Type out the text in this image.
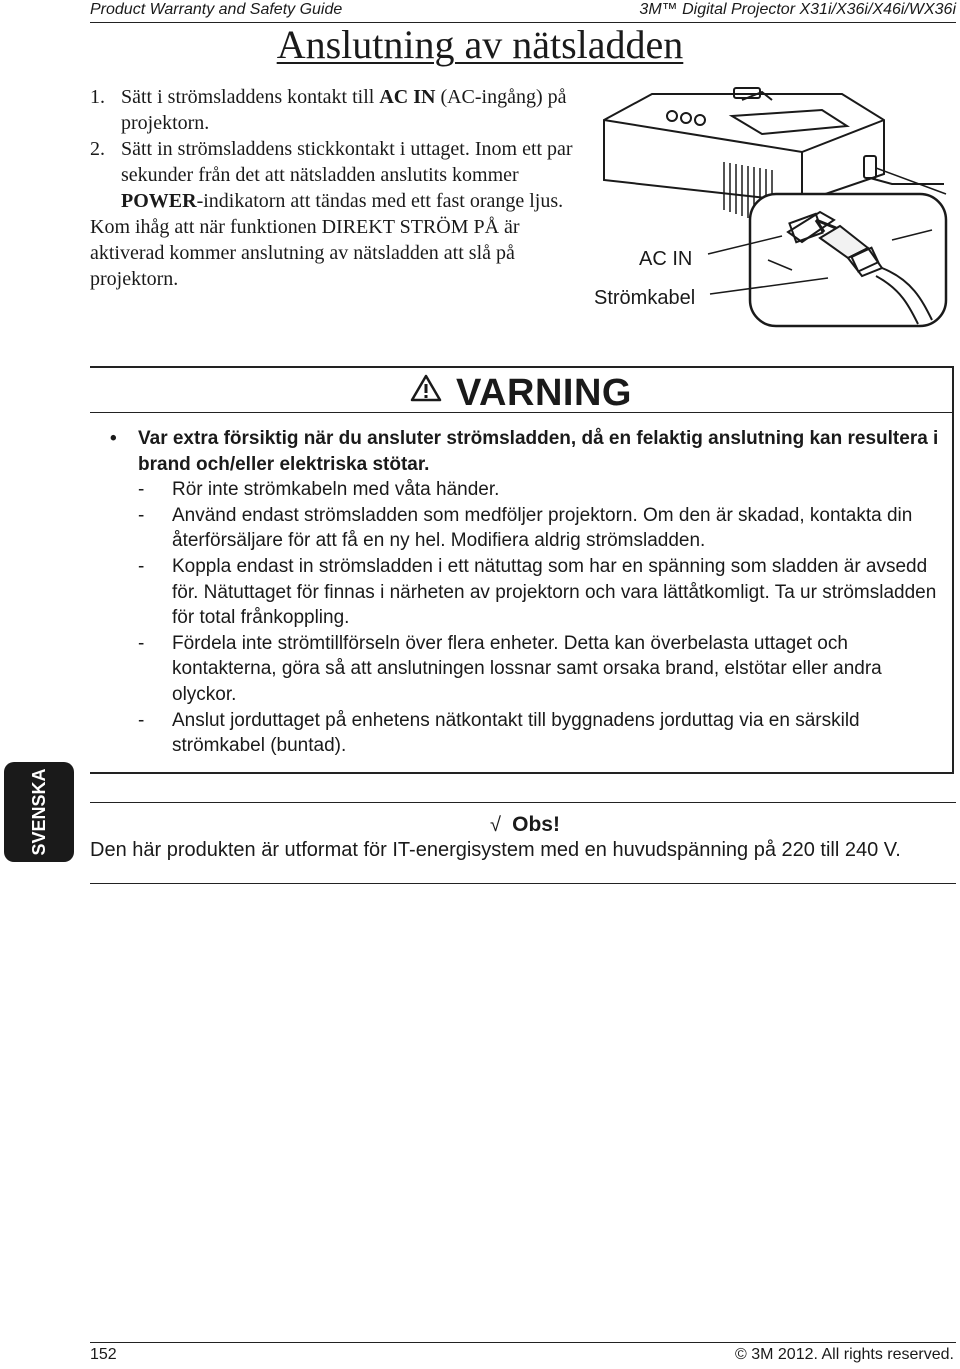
Product Warranty and Safety Guide	3M™ Digital Projector X31i/X36i/X46i/WX36i
Anslutning av nätsladden
1. Sätt i strömsladdens kontakt till AC IN (AC-ingång) på projektorn.
2. Sätt in strömsladdens stickkontakt i uttaget. Inom ett par sekunder från det att nätsladden anslutits kommer POWER-indikatorn att tändas med ett fast orange ljus.
Kom ihåg att när funktionen DIREKT STRÖM PÅ är aktiverad kommer anslutning av nätsladden att slå på projektorn.
AC IN
Strömkabel
VARNING
• Var extra försiktig när du ansluter strömsladden, då en felaktig anslutning kan resultera i brand och/eller elektriska stötar.
- Rör inte strömkabeln med våta händer.
- Använd endast strömsladden som medföljer projektorn. Om den är skadad, kontakta din återförsäljare för att få en ny hel. Modifiera aldrig strömsladden.
- Koppla endast in strömsladden i ett nätuttag som har en spänning som sladden är avsedd för. Nätuttaget för finnas i närheten av projektorn och vara lättåtkomligt. Ta ur strömsladden för total frånkoppling.
- Fördela inte strömtillförseln över flera enheter. Detta kan överbelasta uttaget och kontakterna, göra så att anslutningen lossnar samt orsaka brand, elstötar eller andra olyckor.
- Anslut jorduttaget på enhetens nätkontakt till byggnadens jorduttag via en särskild strömkabel (buntad).
SVENSKA	√ Obs!
Den här produkten är utformat för IT-energisystem med en huvudspänning på 220 till 240 V.
152	© 3M 2012. All rights reserved.
